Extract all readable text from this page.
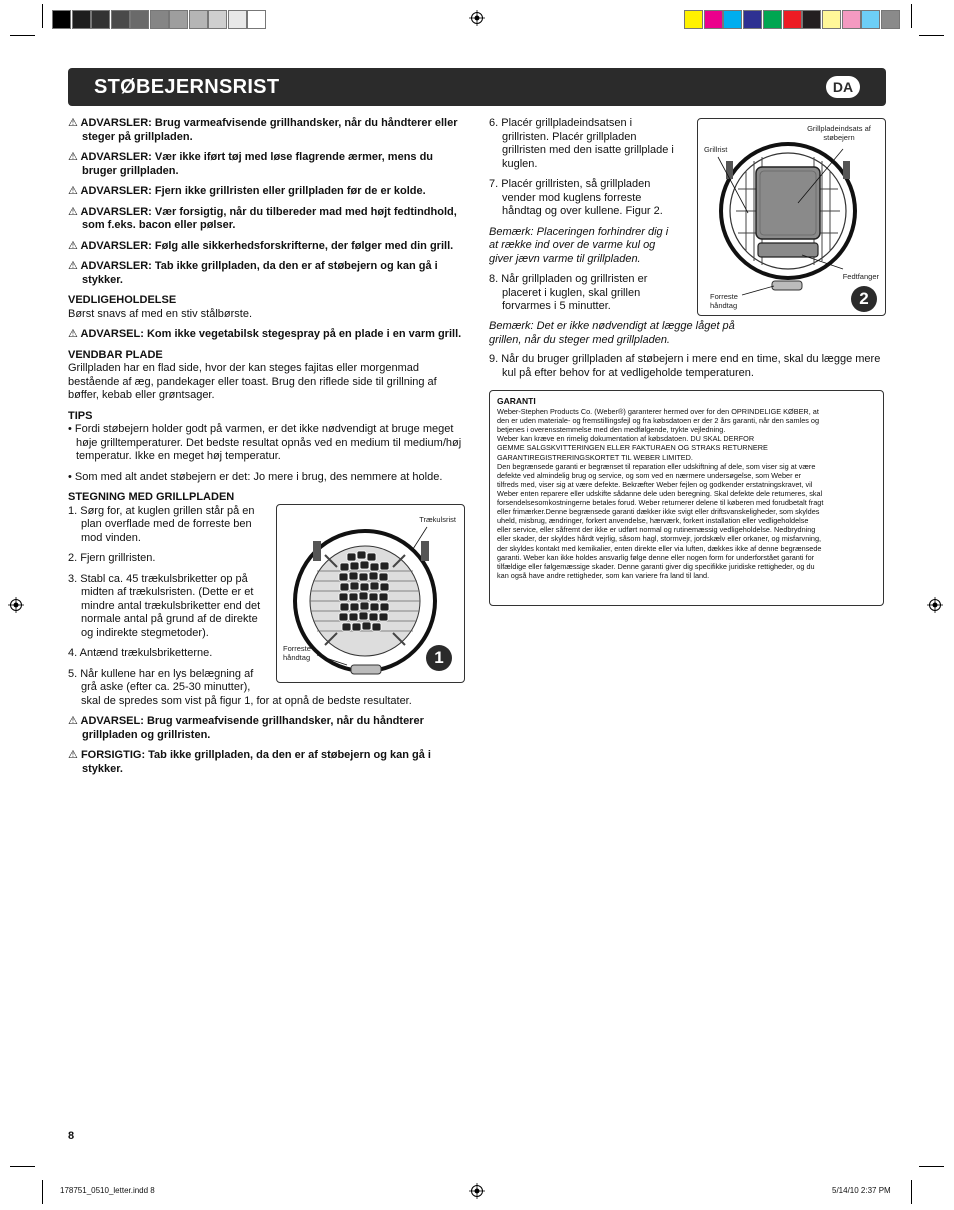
STØBEJERNSRIST	DA

⚠ ADVARSLER: Brug varmeafvisende grillhandsker, når du håndterer eller steger på grillpladen.

⚠ ADVARSLER: Vær ikke iført tøj med løse flagrende ærmer, mens du bruger grillpladen.

⚠ ADVARSLER: Fjern ikke grillristen eller grillpladen før de er kolde.

⚠ ADVARSLER: Vær forsigtig, når du tilbereder mad med højt fedtindhold, som f.eks. bacon eller pølser.

⚠ ADVARSLER: Følg alle sikkerhedsforskrifterne, der følger med din grill.

⚠ ADVARSLER: Tab ikke grillpladen, da den er af støbejern og kan gå i stykker.

VEDLIGEHOLDELSE

Børst snavs af med en stiv stålbørste.

⚠ ADVARSEL: Kom ikke vegetabilsk stegespray på en plade i en varm grill.

VENDBAR PLADE

Grillpladen har en flad side, hvor der kan steges fajitas eller morgenmad bestående af æg, pandekager eller toast. Brug den riflede side til grillning af bøffer, kebab eller grøntsager.

TIPS

• Fordi støbejern holder godt på varmen, er det ikke nødvendigt at bruge meget høje grilltemperaturer. Det bedste resultat opnås ved en medium til medium/høj temperatur. Ikke en meget høj temperatur.

• Som med alt andet støbejern er det: Jo mere i brug, des nemmere at holde.

STEGNING MED GRILLPLADEN

1. Sørg for, at kuglen grillen står på en plan overflade med de forreste ben mod vinden.

2. Fjern grillristen.

3. Stabl ca. 45 trækulsbriketter op på midten af trækulsristen. (Dette er et mindre antal trækulsbriketter end det normale antal på grund af de direkte og indirekte stegmetoder).

4. Antænd trækulsbriketterne.

5. Når kullene har en lys belægning af grå aske (efter ca. 25-30 minutter),

skal de spredes som vist på figur 1, for at opnå de bedste resultater.

⚠ ADVARSEL: Brug varmeafvisende grillhandsker, når du håndterer grillpladen og grillristen.

⚠ FORSIGTIG: Tab ikke grillpladen, da den er af støbejern og kan gå i stykker.

Trækulsrist
Forreste håndtag	1

6. Placér grillpladeindsatsen i grillristen. Placér grillpladen grillristen med den isatte grillplade i kuglen.

7. Placér grillristen, så grillpladen vender mod kuglens forreste håndtag og over kullene. Figur 2.

Bemærk: Placeringen forhindrer dig i at række ind over de varme kul og giver jævn varme til grillpladen.

8. Når grillpladen og grillristen er placeret i kuglen, skal grillen forvarmes i 5 minutter.

Bemærk: Det er ikke nødvendigt at lægge låget på grillen, når du steger med grillpladen.

9. Når du bruger grillpladen af støbejern i mere end en time, skal du lægge mere kul på efter behov for at vedligeholde temperaturen.

Grillrist
Grillpladeindsats af støbejern
Fedtfanger
Forreste håndtag	2
GARANTI
Weber-Stephen Products Co. (Weber®) garanterer hermed over for den OPRINDELIGE KØBER, at
den er uden materiale- og fremstillingsfejl og fra købsdatoen er der 2 års garanti, når den samles og
betjenes i overensstemmelse med den medfølgende, trykte vejledning.
Weber kan kræve en rimelig dokumentation af købsdatoen. DU SKAL DERFOR
GEMME SALGSKVITTERINGEN ELLER FAKTURAEN OG STRAKS RETURNERE
GARANTIREGISTRERINGSKORTET TIL WEBER LIMITED.
Den begrænsede garanti er begrænset til reparation eller udskiftning af dele, som viser sig at være
defekte ved almindelig brug og service, og som ved en nærmere undersøgelse, som Weber er
tilfreds med, viser sig at være defekte. Bekræfter Weber fejlen og godkender erstatningskravet, vil
Weber enten reparere eller udskifte sådanne dele uden beregning. Skal defekte dele returneres, skal
forsendelsesomkostningerne betales forud. Weber returnerer delene til køberen med forudbetalt fragt
eller frimærker.Denne begrænsede garanti dækker ikke svigt eller driftsvanskeligheder, som skyldes
uheld, misbrug, ændringer, forkert anvendelse, hærværk, forkert installation eller vedligeholdelse
eller service, eller såfremt der ikke er udført normal og rutinemæssig vedligeholdelse. Nedbrydning
eller skader, der skyldes hårdt vejrlig, såsom hagl, stormvejr, jordskælv eller orkaner, og misfarvning,
der skyldes kontakt med kemikalier, enten direkte eller via luften, dækkes ikke af denne begrænsede
garanti. Weber kan ikke holdes ansvarlig følge denne eller nogen form for underforstået garanti for
tilfældige eller følgemæssige skader. Denne garanti giver dig specifikke juridiske rettigheder, og du
kan også have andre rettigheder, som kan variere fra land til land.
8
178751_0510_letter.indd 8	5/14/10 2:37 PM
